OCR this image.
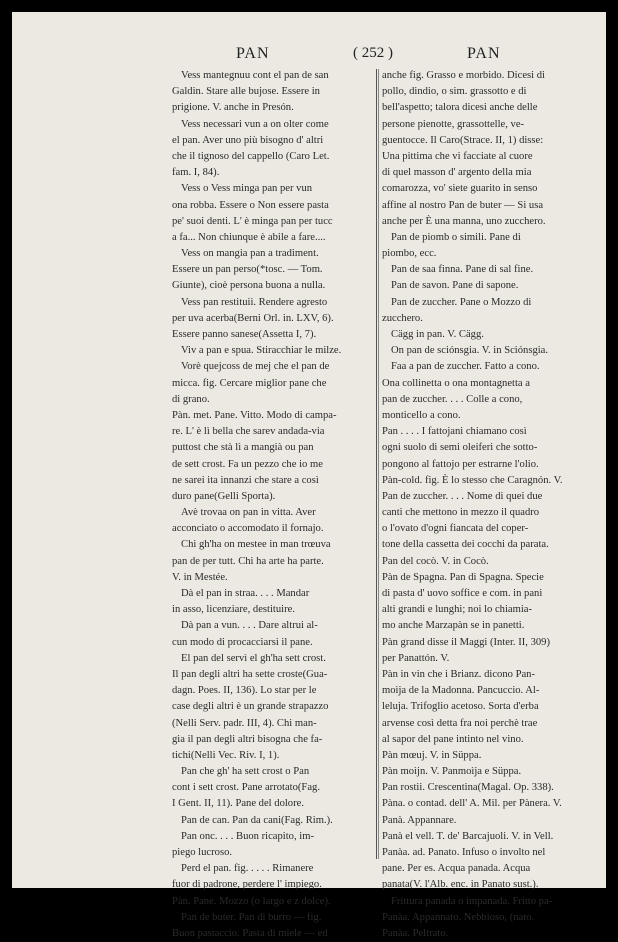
PAN	( 252 )	PAN
Vess mantegnuu cont el pan de san
Galdin. Stare alle bujose. Essere in
prigione. V. anche in Presón.
Vess necessari vun a on olter come
el pan. Aver uno più bisogno d' altri
che il tignoso del cappello (Caro Let.
fam. I, 84).
Vess o Vess minga pan per vun
ona robba. Essere o Non essere pasta
pe' suoi denti. L' è minga pan per tucc
a fa... Non chiunque è abile a fare....
Vess on mangia pan a tradiment.
Essere un pan perso(*tosc. — Tom.
Giunte), cioè persona buona a nulla.
Vess pan restituii. Rendere agresto
per uva acerba(Berni Orl. in. LXV, 6).
Essere panno sanese(Assetta I, 7).
Viv a pan e spua. Stiracchiar le milze.
Vorè quejcoss de mej che el pan de
micca. fig. Cercare miglior pane che
di grano.
Pàn. met. Pane. Vitto. Modo di campa-
re. L' è lì bella che sarev andada-via
puttost che stà lì a mangià ou pan
de sett crost. Fa un pezzo che io me
ne sarei ita innanzi che stare a così
duro pane(Gelli Sporta).
Avè trovaa on pan in vitta. Aver
acconciato o accomodato il fornajo.
Chi gh'ha on mestee in man trœuva
pan de per tutt. Chi ha arte ha parte.
V. in Mestée.
Dà el pan in straa. . . . Mandar
in asso, licenziare, destituire.
Dà pan a vun. . . . Dare altrui al-
cun modo di procacciarsi il pane.
El pan del servì el gh'ha sett crost.
Il pan degli altri ha sette croste(Gua-
dagn. Poes. II, 136). Lo star per le
case degli altri è un grande strapazzo
(Nelli Serv. padr. III, 4). Chi man-
gia il pan degli altri bisogna che fa-
tichi(Nelli Vec. Riv. I, 1).
Pan che gh' ha sett crost o Pan
cont i sett crost. Pane arrotato(Fag.
I Gent. II, 11). Pane del dolore.
Pan de can. Pan da cani(Fag. Rim.).
Pan onc. . . . Buon ricapito, im-
piego lucroso.
Perd el pan. fig. . . . . Rimanere
fuor di padrone, perdere l' impiego.
Pàn. Pane. Mozzo (o largo e z dolce).
Pan de buter. Pan di burro — fig.
Buon pastaccio. Pasta di miele — ed
anche fig. Grasso e morbido. Dicesi di
pollo, dindio, o sim. grassotto e di
bell'aspetto; talora dicesi anche delle
persone pienotte, grassottelle, ve-
guentocce. Il Caro(Strace. II, 1) disse:
Una pittima che vi facciate al cuore
di quel masson d' argento della mia
comarozza, vo' siete guarito in senso
affine al nostro Pan de buter — Si usa
anche per È una manna, uno zucchero.
Pan de piomb o simili. Pane di
piombo, ecc.
Pan de saa finna. Pane di sal fine.
Pan de savon. Pane di sapone.
Pan de zuccher. Pane o Mozzo di
zucchero.
Cägg in pan. V. Cägg.
On pan de sciónsgia. V. in Sciónsgia.
Faa a pan de zuccher. Fatto a cono.
Ona collinetta o ona montagnetta a
pan de zuccher. . . . Colle a cono,
monticello a cono.
Pan . . . . I fattojani chiamano così
ogni suolo di semi oleiferi che sotto-
pongono al fattojo per estrarne l'olio.
Pàn-cold. fig. È lo stesso che Caragnón. V.
Pan de zuccher. . . . Nome di quei due
canti che mettono in mezzo il quadro
o l'ovato d'ogni fiancata del coper-
tone della cassetta dei cocchi da parata.
Pan del cocò. V. in Cocò.
Pàn de Spagna. Pan di Spagna. Specie
di pasta d' uovo soffice e com. in pani
alti grandi e lunghi; noi lo chiamia-
mo anche Marzapàn se in panetti.
Pàn grand disse il Maggi (Inter. II, 309)
per Panattón. V.
Pàn in vin che i Brianz. dicono Pan-
moìja de la Madonna. Pancuccio. Al-
leluja. Trifoglio acetoso. Sorta d'erba
arvense così detta fra noi perchè trae
al sapor del pane intinto nel vino.
Pàn mœuj. V. in Süppa.
Pàn moìjn. V. Panmoìja e Süppa.
Pan rostii. Crescentina(Magal. Op. 338).
Pàna. o contad. dell' A. Mil. per Pànera. V.
Panà. Appannare.
Panà el vell. T. de' Barcajuoli. V. in Vell.
Panàa. ad. Panato. Infuso o involto nel
pane. Per es. Acqua panada. Acqua
panata(V. l'Alb. enc. in Panato sust.).
Frittura panada o impanada. Fritto pa-
Panàa. Appannato. Nebbioso, (nato.
Panàa. Peltrato.
